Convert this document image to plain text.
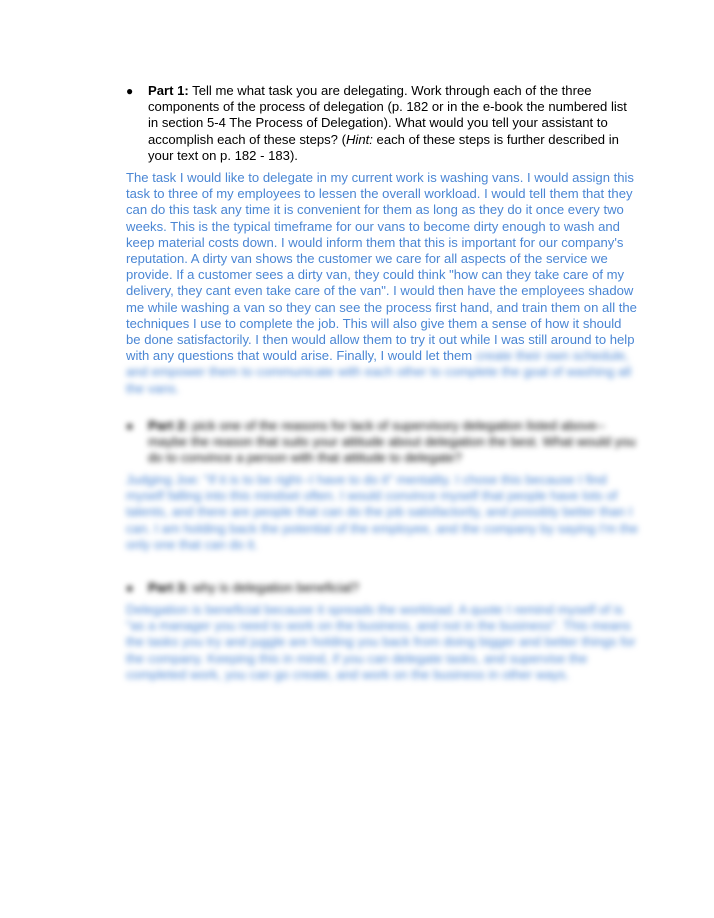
● Part 1: Tell me what task you are delegating. Work through each of the three components of the process of delegation (p. 182 or in the e-book the numbered list in section 5-4 The Process of Delegation). What would you tell your assistant to accomplish each of these steps? (Hint: each of these steps is further described in your text on p. 182 - 183).
The task I would like to delegate in my current work is washing vans. I would assign this task to three of my employees to lessen the overall workload. I would tell them that they can do this task any time it is convenient for them as long as they do it once every two weeks. This is the typical timeframe for our vans to become dirty enough to wash and keep material costs down. I would inform them that this is important for our company's reputation. A dirty van shows the customer we care for all aspects of the service we provide. If a customer sees a dirty van, they could think "how can they take care of my delivery, they cant even take care of the van". I would then have the employees shadow me while washing a van so they can see the process first hand, and train them on all the techniques I use to complete the job. This will also give them a sense of how it should be done satisfactorily. I then would allow them to try it out while I was still around to help with any questions that would arise. Finally, I would let them create their own schedule, and empower them to communicate with each other to complete the goal of washing all the vans.
● Part 2: pick one of the reasons for lack of supervisory delegation listed above--maybe the reason that suits your attitude about delegation the best. What would you do to convince a person with that attitude to delegate?
Judging Joe: "If it is to be right--I have to do it" mentality. I chose this because I find myself falling into this mindset often. I would convince myself that people have lots of talents, and there are people that can do the job satisfactorily, and possibly better than I can. I am holding back the potential of the employee, and the company by saying I'm the only one that can do it.
● Part 3: why is delegation beneficial?
Delegation is beneficial because it spreads the workload. A quote I remind myself of is "as a manager you need to work on the business, and not in the business". This means the tasks you try and juggle are holding you back from doing bigger and better things for the company. Keeping this in mind, if you can delegate tasks, and supervise the completed work, you can go create, and work on the business in other ways.
